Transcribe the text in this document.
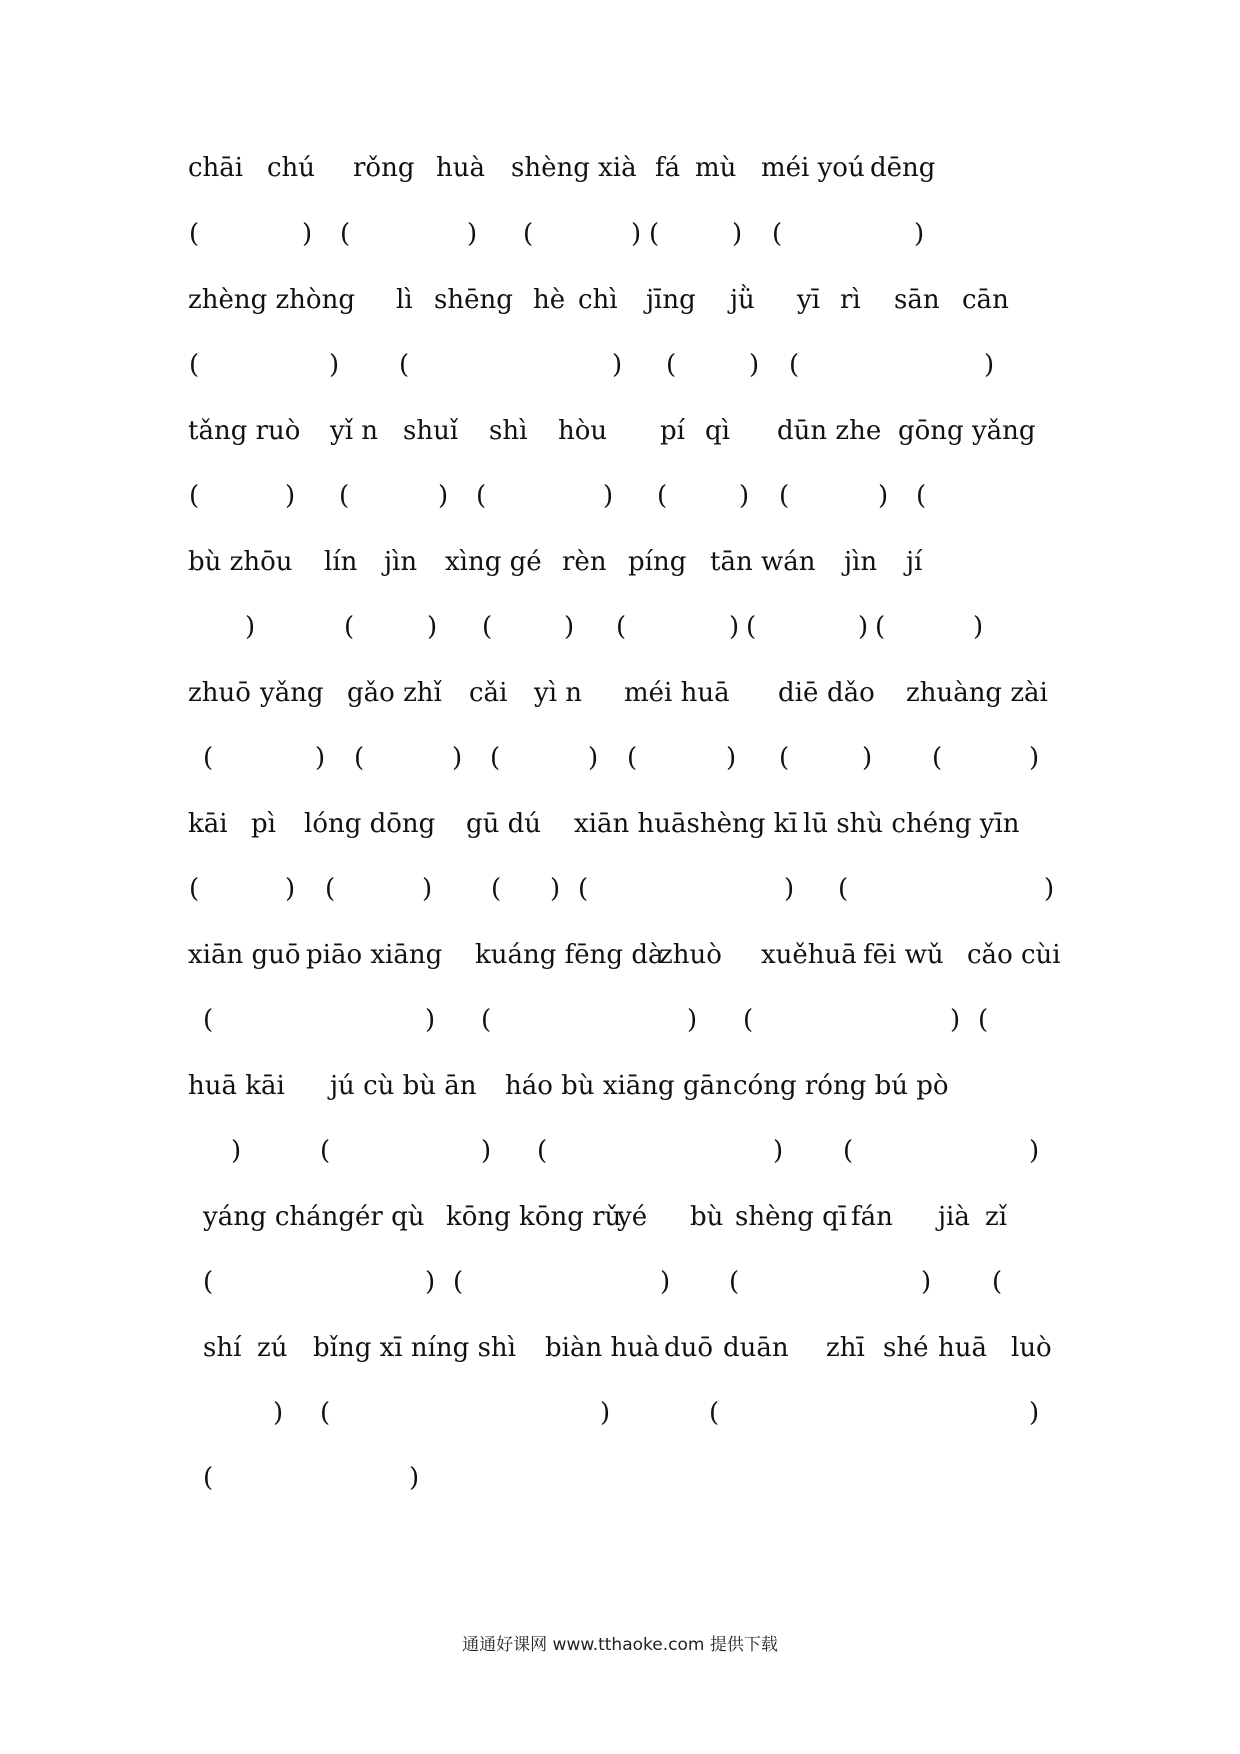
chāi chú rǒng huà shèng xià fá mù méi yoú dēng
(	) (	) (	) (	) (	)
zhèng zhòng lì shēng hè chì jīng jǜ yī rì sān cān
(	) (	) (	) (	)
tǎng ruò yǐ n shuǐ shì hòu pí qì dūn zhe gōng yǎng
(	) (	) (	) (	) (	) (
bù zhōu lín jìn xìng gé rèn píng tān wán jìn jí
)	(	) (	) (	) (	) (	)
zhuō yǎng gǎo zhǐ cǎi yì n méi huā diē dǎo zhuàng zài
(	) (	) (	) (	) (	) (	)
kāi pì lóng dōng gū dú xiān huāshèng kī lū shù chéng yīn
(	) (	) ( ) (	) (	)
xiān guō piāo xiāng kuáng fēng dà
zhuò xuěhuā fēi wǔ cǎo cùi
(	) (	) (	) (
huā kāi jú cù bù ān háo bù xiāng gān cóng róng bú pò
)	(	) (	) (	)
yáng cháng ér qù kōng kōng rǔ
yé bù shèng qī fán jià zǐ
(	) (	) (	) (
shí zú bǐng xī níng shì biàn huà duō duān zhī shé huā luò
) (	)	(	)
(	)
通通好课网 www.tthaoke.com 提供下载
